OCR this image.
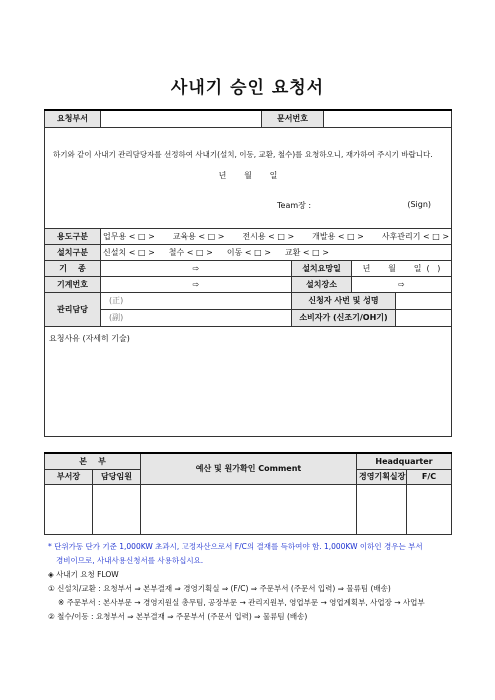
사내기 승인 요청서
요청부서		문서번호				

하기와 같이 사내기 관리담당자를 선정하여 사내기(설치, 이동, 교환, 철수)를 요청하오니, 재가하여 주시기 바랍니다.
년       월       일
Team장 : (Sign)						

용도구분	업무용 < □ > 교육용 < □ > 전시용 < □ > 개발용 < □ > 사후관리기 < □ >					

설치구분	신설치 < □ > 철수 < □ > 이동 < □ > 교환 < □ >					

기    종	⇨		설치요망일		년       월       일  (   )	
기계번호	⇨		설치장소		⇨	
관리담당	(正)		신청자 사번 및 성명			
	(副)		소비자가 (신조기/OH기)			
요청사유 (자세히 기술)						
본    부		예산 및 원가확인 Comment	Headquarter	
부서장	담당임원		경영기획실장	F/C

* 단위가동 단가 기준 1,000KW 초과시, 고정자산으로서 F/C의 결재를 득하여야 함. 1,000KW 이하인 경우는 부서
경비이므로, 사내사용신청서를 사용하십시요.
◈ 사내기 요청 FLOW
① 신설치/교환 : 요청부서 ⇒ 본부결재 ⇒ 경영기획실 ⇒ (F/C) ⇒ 주문부서 (주문서 입력) ⇒ 물류팀 (배송)
※ 주문부서 : 본사부문 → 경영지원실 총무팀, 공장부문 → 관리지원부, 영업부문 → 영업계획부, 사업장 → 사업부
② 철수/이동 : 요청부서 ⇒ 본부결재 ⇒ 주문부서 (주문서 입력) ⇒ 물류팀 (배송)
